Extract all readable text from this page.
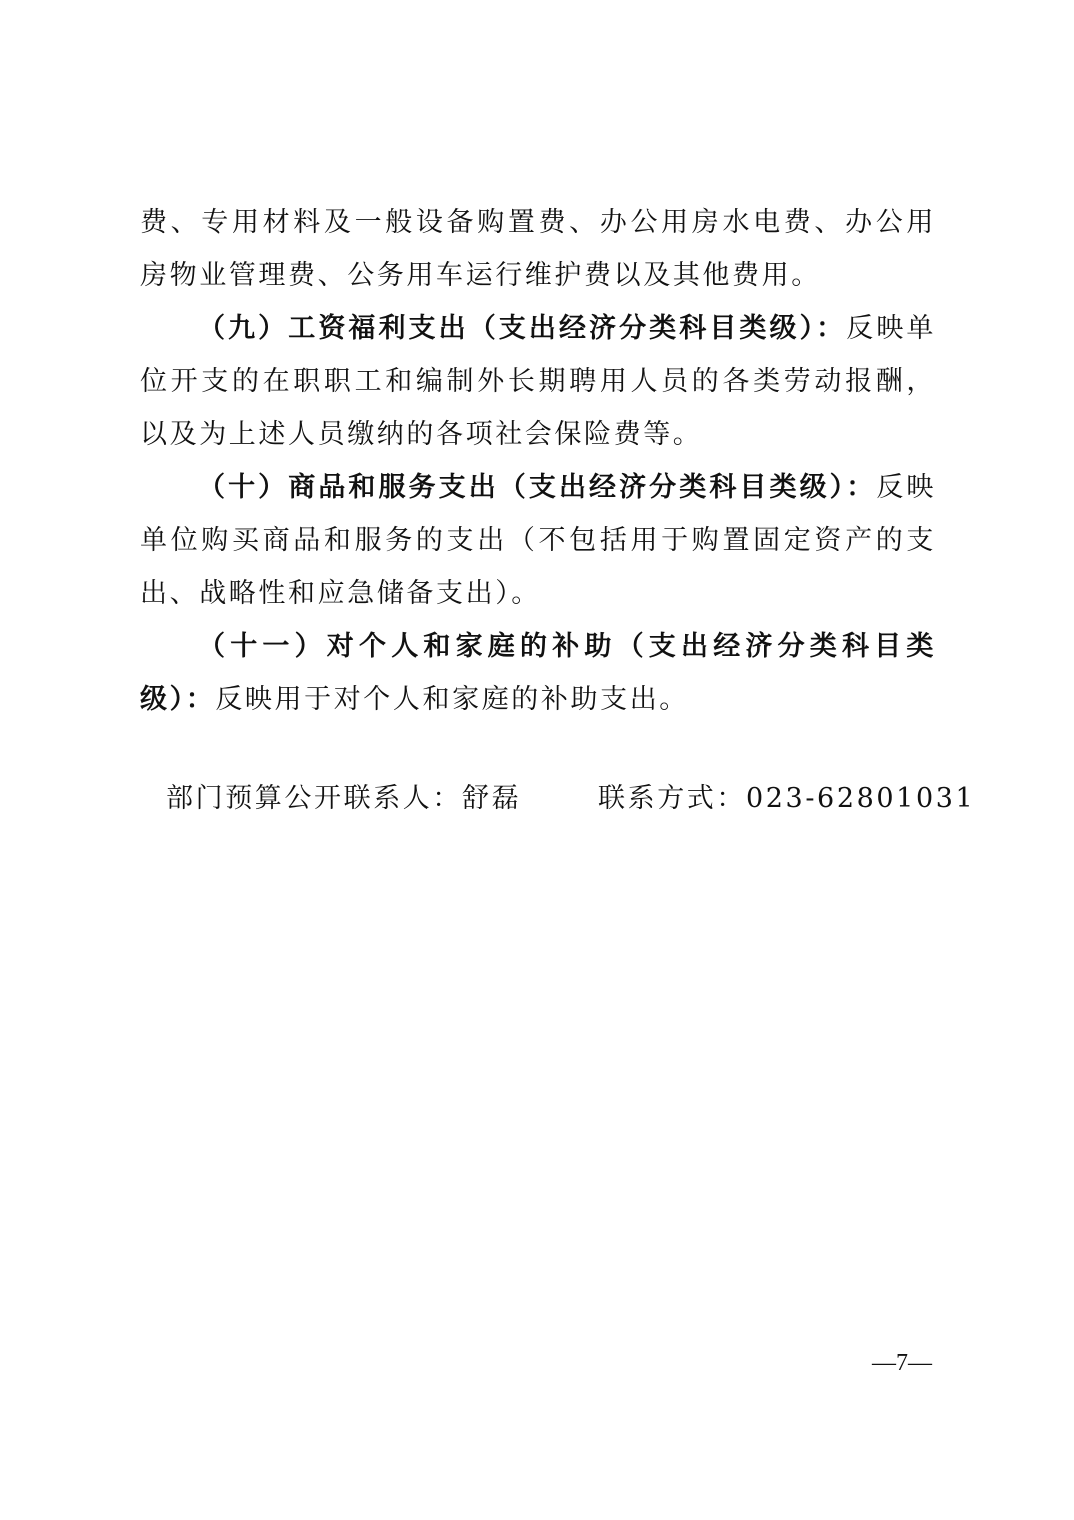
费、专用材料及一般设备购置费、办公用房水电费、办公用房物业管理费、公务用车运行维护费以及其他费用。

（九）工资福利支出（支出经济分类科目类级）：反映单位开支的在职职工和编制外长期聘用人员的各类劳动报酬，以及为上述人员缴纳的各项社会保险费等。

（十）商品和服务支出（支出经济分类科目类级）：反映单位购买商品和服务的支出（不包括用于购置固定资产的支出、战略性和应急储备支出）。

（十一）对个人和家庭的补助（支出经济分类科目类级）：反映用于对个人和家庭的补助支出。

部门预算公开联系人：舒磊	联系方式：023-62801031
—7—
